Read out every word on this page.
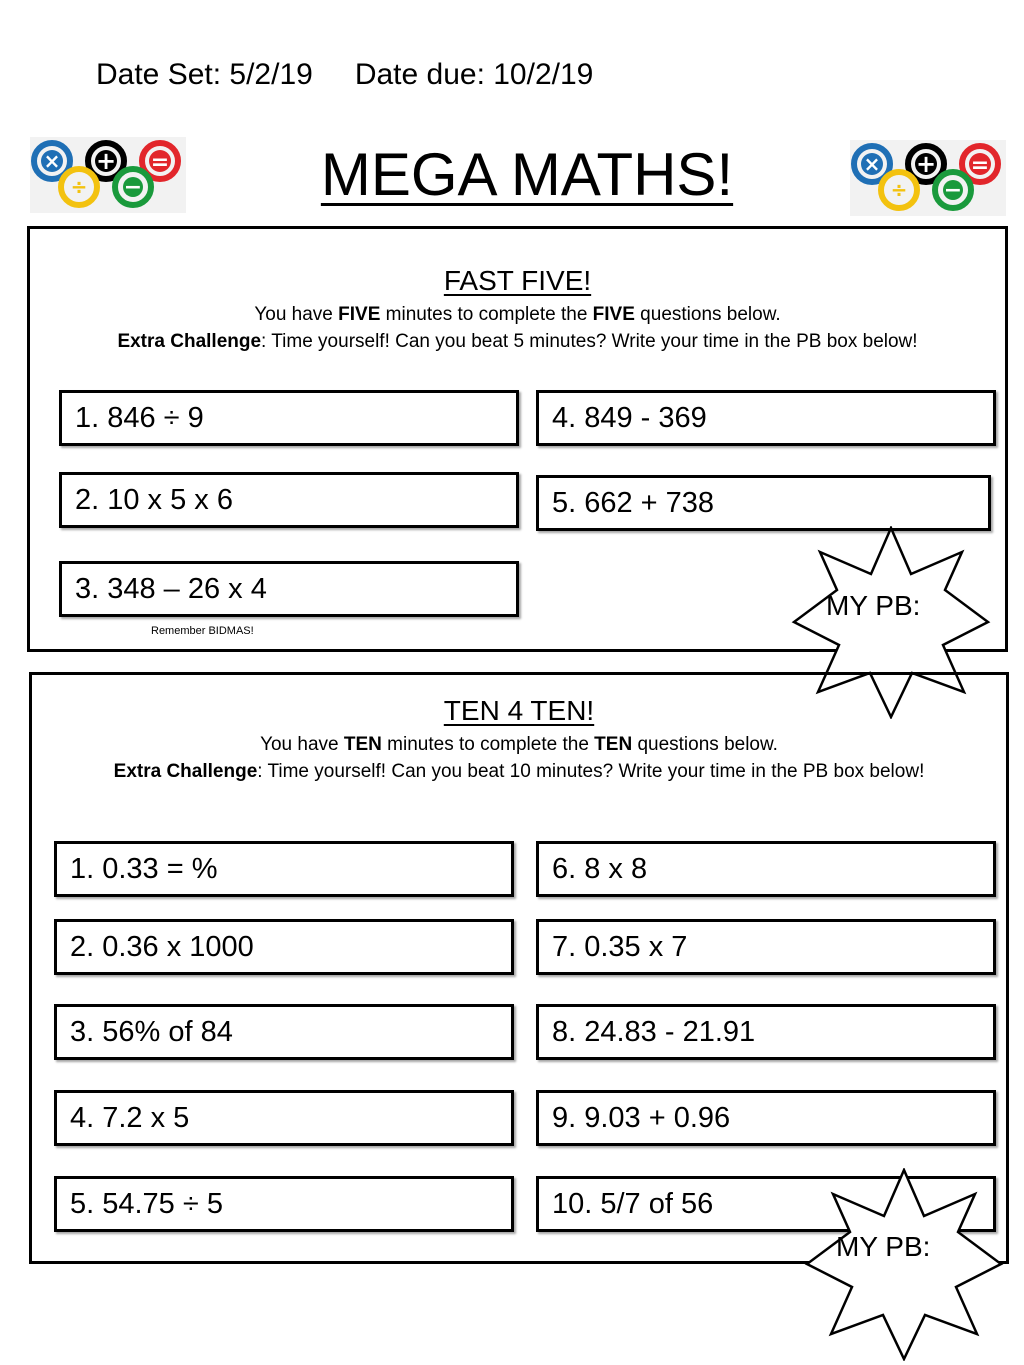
Date Set: 5/2/19 Date due: 10/2/19
MEGA MATHS!
× + =
÷ −
× + =
÷ −
FAST FIVE!
You have FIVE minutes to complete the FIVE questions below.
Extra Challenge: Time yourself! Can you beat 5 minutes? Write your time in the PB box below!
Remember BIDMAS!
1. 846 ÷ 9
2. 10 x 5 x 6
3. 348 – 26 x 4
4. 849 - 369
5. 662 + 738
MY PB:
TEN 4 TEN!
You have TEN minutes to complete the TEN questions below.
Extra Challenge: Time yourself! Can you beat 10 minutes? Write your time in the PB box below!
1. 0.33 = %
2. 0.36 x 1000
3. 56% of 84
4. 7.2 x 5
5. 54.75 ÷ 5
6. 8 x 8
7. 0.35 x 7
8. 24.83 - 21.91
9. 9.03 + 0.96
10. 5/7 of 56
MY PB:
